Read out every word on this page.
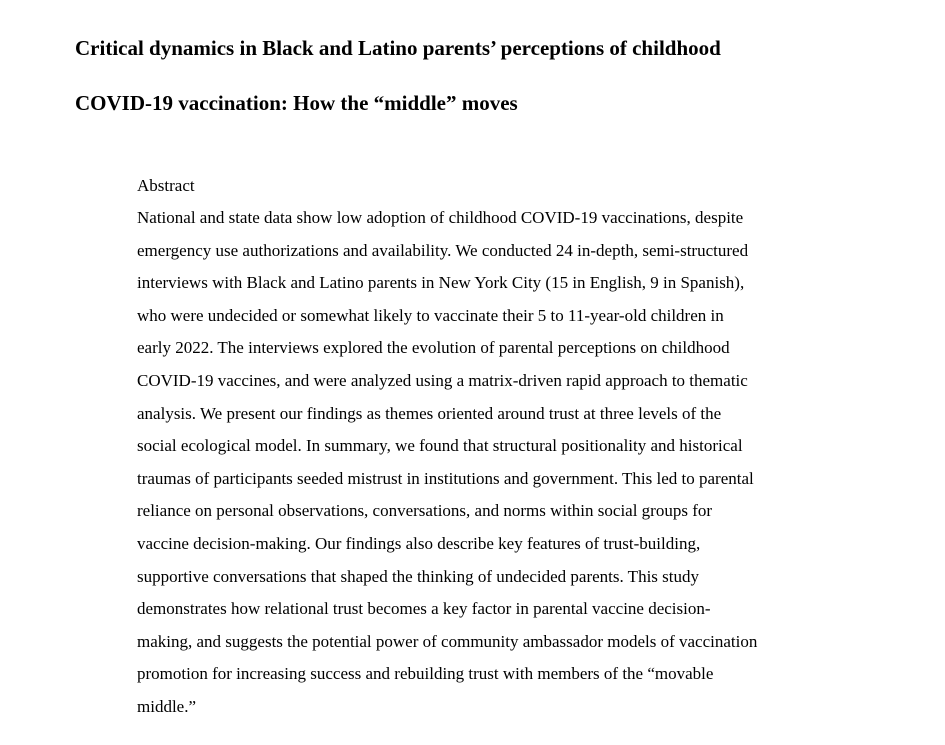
Critical dynamics in Black and Latino parents’ perceptions of childhood
COVID-19 vaccination: How the “middle” moves
Abstract
National and state data show low adoption of childhood COVID-19 vaccinations, despite
emergency use authorizations and availability. We conducted 24 in-depth, semi-structured
interviews with Black and Latino parents in New York City (15 in English, 9 in Spanish),
who were undecided or somewhat likely to vaccinate their 5 to 11-year-old children in
early 2022. The interviews explored the evolution of parental perceptions on childhood
COVID-19 vaccines, and were analyzed using a matrix-driven rapid approach to thematic
analysis. We present our findings as themes oriented around trust at three levels of the
social ecological model. In summary, we found that structural positionality and historical
traumas of participants seeded mistrust in institutions and government. This led to parental
reliance on personal observations, conversations, and norms within social groups for
vaccine decision-making. Our findings also describe key features of trust-building,
supportive conversations that shaped the thinking of undecided parents. This study
demonstrates how relational trust becomes a key factor in parental vaccine decision-
making, and suggests the potential power of community ambassador models of vaccination
promotion for increasing success and rebuilding trust with members of the “movable
middle.”
